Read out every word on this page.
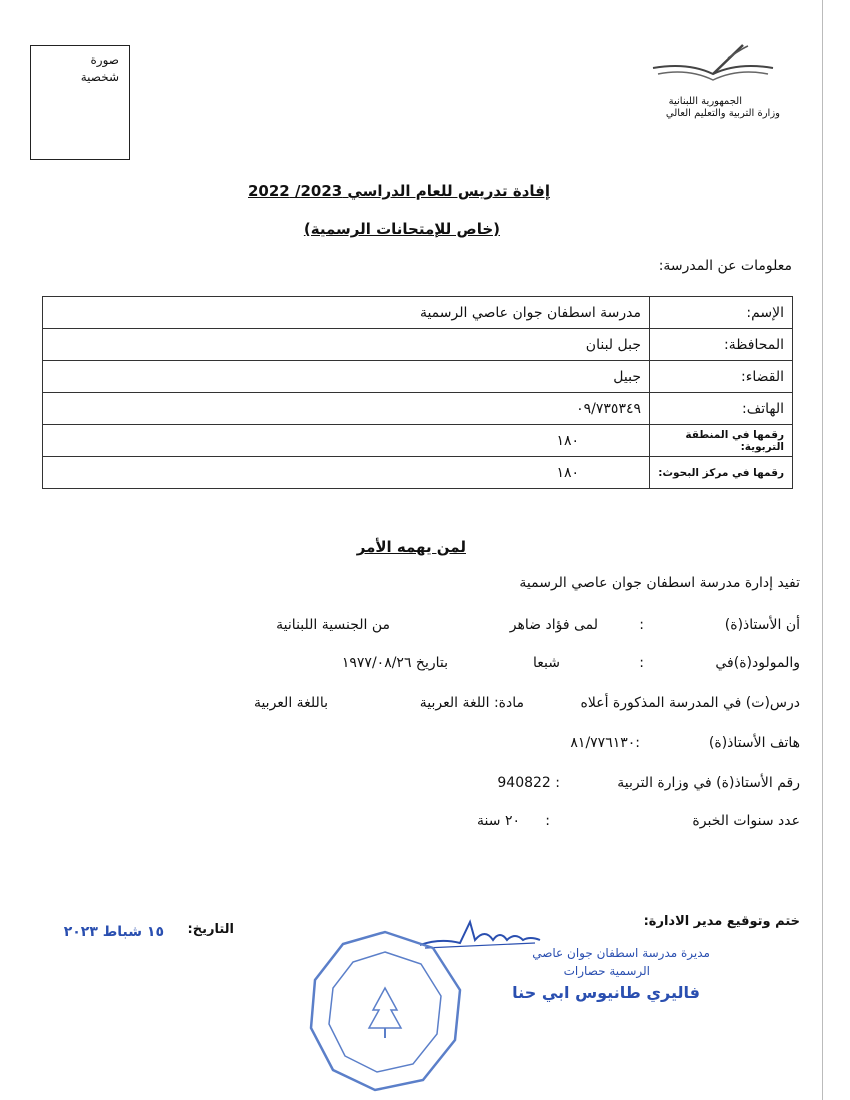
صورة
شخصية
الجمهورية اللبنانية
وزارة التربية والتعليم العالي
إفادة تدريس للعام الدراسي 2023/ 2022
(خاص للإمتحانات الرسمية)
معلومات عن المدرسة:
مدرسة اسطفان جوان عاصي الرسمية	الإسم:
جبل لبنان	المحافظة:
جبيل	القضاء:
٠٩/٧٣٥٣٤٩	الهاتف:
١٨٠	رقمها في المنطقة التربوية:
١٨٠	رقمها في مركز البحوث:
لمن يهمه الأمر
تفيد إدارة مدرسة اسطفان جوان عاصي الرسمية
أن الأستاذ(ة)
:
لمى فؤاد ضاهر
من الجنسية اللبنانية
والمولود(ة)في
:
شبعا
بتاريخ ١٩٧٧/٠٨/٢٦
درس(ت) في المدرسة المذكورة أعلاه
مادة: اللغة العربية
باللغة العربية
هاتف الأستاذ(ة)
:٨١/٧٧٦١٣٠
رقم الأستاذ(ة) في وزارة التربية
: 940822
عدد سنوات الخبرة
:
٢٠ سنة
ختم وتوقيع مدير الادارة:
التاريخ:
١٥ شباط ٢٠٢٣
مديرة مدرسة اسطفان جوان عاصي
الرسمية حصارات
فاليري طانيوس ابي حنا
